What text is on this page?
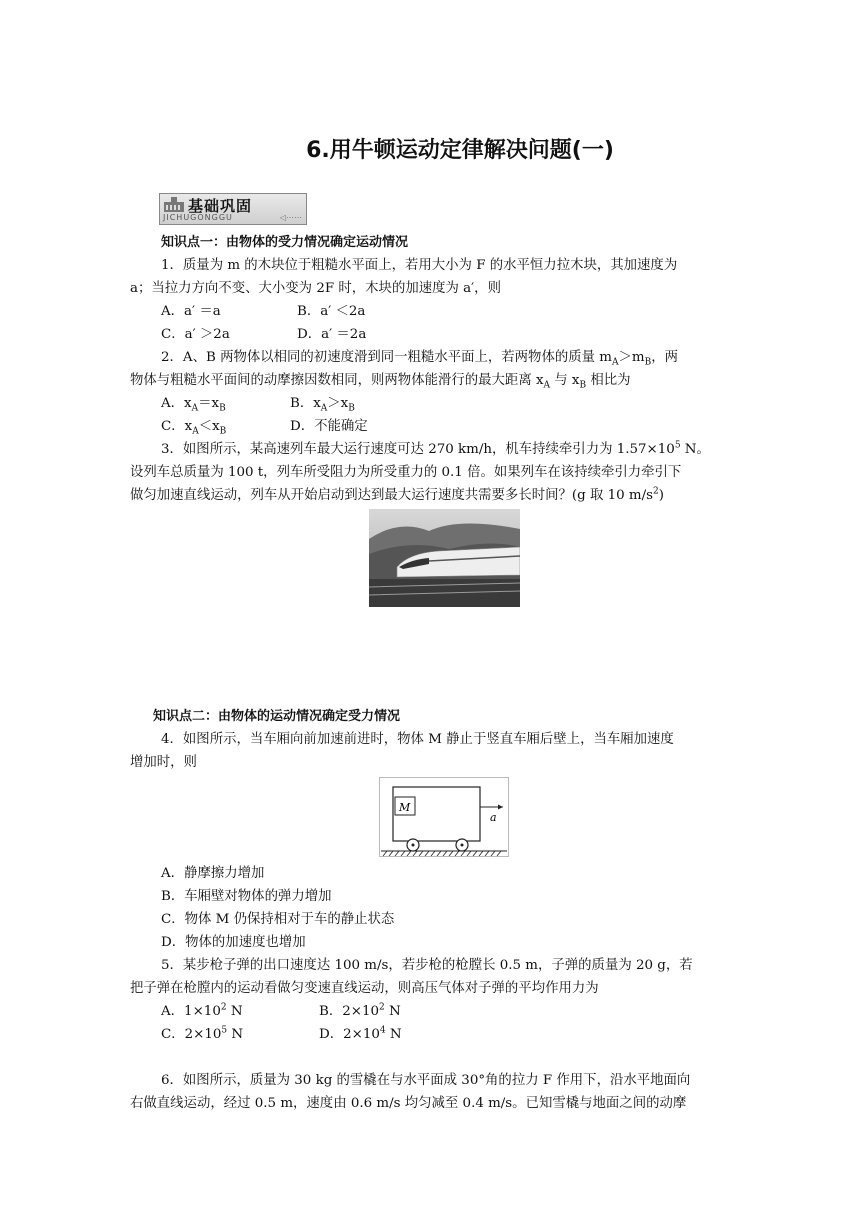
6.用牛顿运动定律解决问题(一)
基础巩固
JICHUGONGGU	◁⋯⋯
知识点一：由物体的受力情况确定运动情况
1．质量为 m 的木块位于粗糙水平面上，若用大小为 F 的水平恒力拉木块，其加速度为
a；当拉力方向不变、大小变为 2F 时，木块的加速度为 a′，则
A．a′ ＝a	B．a′ ＜2a
C．a′ ＞2a	D．a′ ＝2a
2．A、B 两物体以相同的初速度滑到同一粗糙水平面上，若两物体的质量 $m_A>m_B$，两
物体与粗糙水平面间的动摩擦因数相同，则两物体能滑行的最大距离 $x_A$ 与 $x_B$ 相比为
A．$x_A=x_B$	B．$x_A>x_B$
C．$x_A<x_B$	D．不能确定
3．如图所示，某高速列车最大运行速度可达 270 km/h，机车持续牵引力为 $1.57\times 10^5$ N。
设列车总质量为 100 t，列车所受阻力为所受重力的 0.1 倍。如果列车在该持续牵引力牵引下
做匀加速直线运动，列车从开始启动到达到最大运行速度共需要多长时间？(g 取 10 $m/s^2$)
知识点二：由物体的运动情况确定受力情况
4．如图所示，当车厢向前加速前进时，物体 M 静止于竖直车厢后壁上，当车厢加速度
增加时，则
M
a
A．静摩擦力增加
B．车厢壁对物体的弹力增加
C．物体 M 仍保持相对于车的静止状态
D．物体的加速度也增加
5．某步枪子弹的出口速度达 100 m/s，若步枪的枪膛长 0.5 m，子弹的质量为 20 g，若
把子弹在枪膛内的运动看做匀变速直线运动，则高压气体对子弹的平均作用力为
A．$1\times 10^2$ N	B．$2\times 10^2$ N
C．$2\times 10^5$ N	D．$2\times 10^4$ N
6．如图所示，质量为 30 kg 的雪橇在与水平面成 30°角的拉力 F 作用下，沿水平地面向
右做直线运动，经过 0.5 m，速度由 0.6 m/s 均匀减至 0.4 m/s。已知雪橇与地面之间的动摩
